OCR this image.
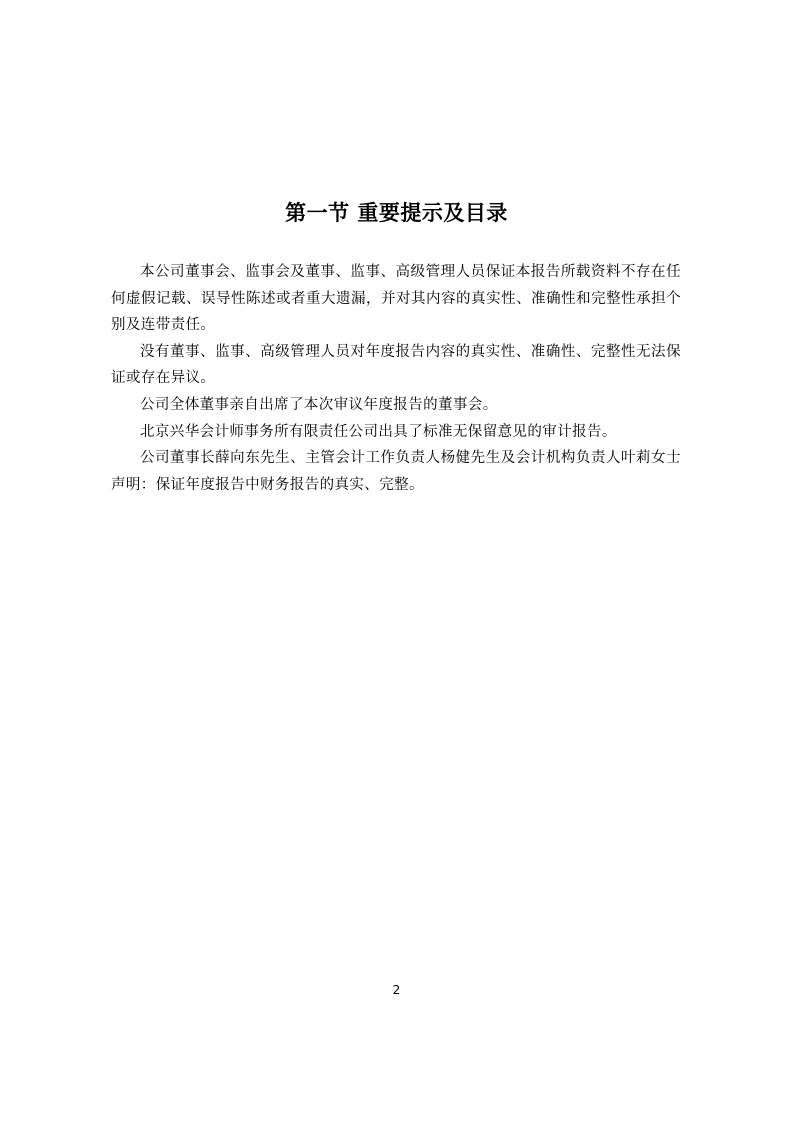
第一节 重要提示及目录

本公司董事会、监事会及董事、监事、高级管理人员保证本报告所载资料不存在任何虚假记载、误导性陈述或者重大遗漏，并对其内容的真实性、准确性和完整性承担个别及连带责任。

没有董事、监事、高级管理人员对年度报告内容的真实性、准确性、完整性无法保证或存在异议。

公司全体董事亲自出席了本次审议年度报告的董事会。

北京兴华会计师事务所有限责任公司出具了标准无保留意见的审计报告。

公司董事长薛向东先生、主管会计工作负责人杨健先生及会计机构负责人叶莉女士声明：保证年度报告中财务报告的真实、完整。

2
